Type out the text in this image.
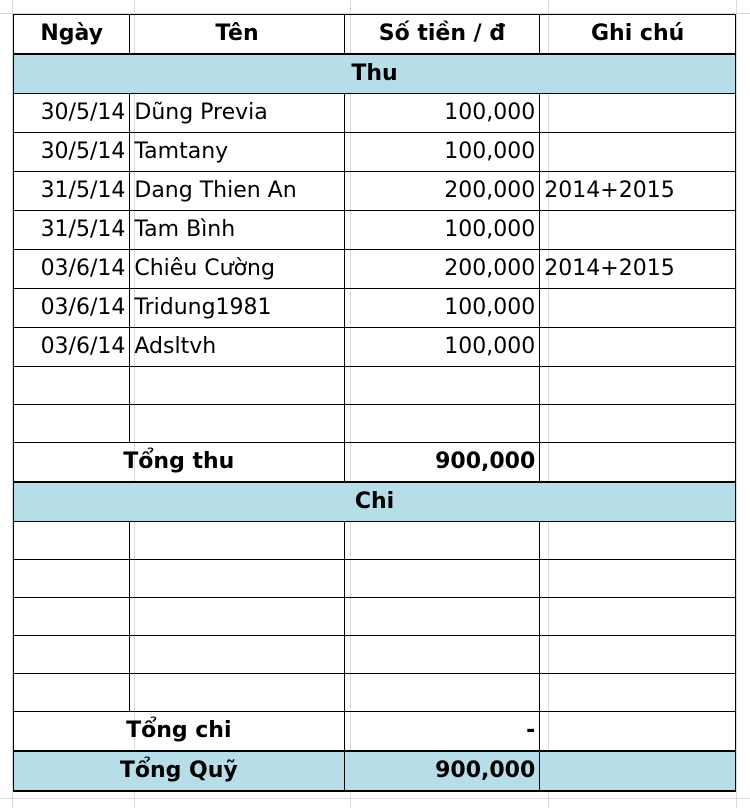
Ngày	Tên	Số tiền / đ	Ghi chú
Thu			
30/5/14	Dũng Previa	100,000	
30/5/14	Tamtany	100,000	
31/5/14	Dang Thien An	200,000	2014+2015
31/5/14	Tam Bình	100,000	
03/6/14	Chiêu Cường	200,000	2014+2015
03/6/14	Tridung1981	100,000	
03/6/14	Adsltvh	100,000	

Tổng thu		900,000	
Chi			

Tổng chi		-	
Tổng Quỹ		900,000	
